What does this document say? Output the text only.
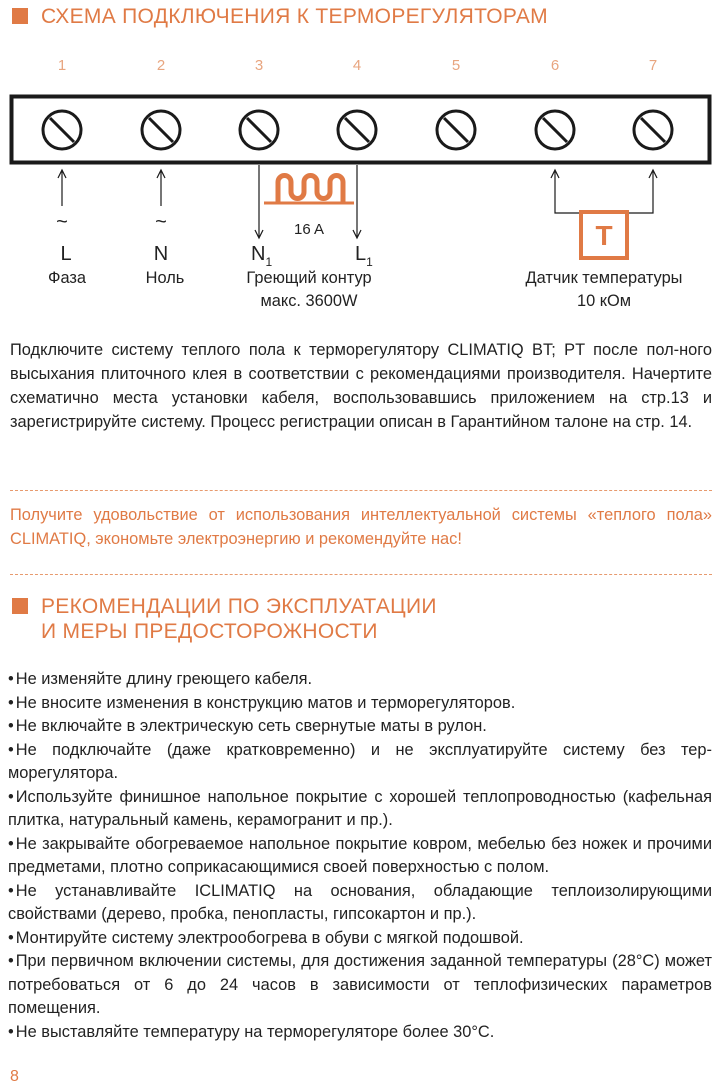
СХЕМА ПОДКЛЮЧЕНИЯ К ТЕРМОРЕГУЛЯТОРАМ
1	2	3	4	5	6	7
16 A	T
~	~
L	N
Фаза	Ноль
$N_1$	$L_1$
Греющий контур
макс. 3600W
Датчик температуры
10 кОм

Подключите систему теплого пола к терморегулятору CLIMATIQ BT; PT после пол-ного высыхания плиточного клея в соответствии с рекомендациями производителя. Начертите схематично места установки кабеля, воспользовавшись приложением на стр.13 и зарегистрируйте систему. Процесс регистрации описан в Гарантийном талоне на стр. 14.

Получите удовольствие от использования интеллектуальной системы «теплого пола» CLIMATIQ, экономьте электроэнергию и рекомендуйте нас!

РЕКОМЕНДАЦИИ ПО ЭКСПЛУАТАЦИИ
И МЕРЫ ПРЕДОСТОРОЖНОСТИ
• Не изменяйте длину греющего кабеля.
• Не вносите изменения в конструкцию матов и терморегуляторов.
• Не включайте в электрическую сеть свернутые маты в рулон.
• Не подключайте (даже кратковременно) и не эксплуатируйте систему без тер-морегулятора.
• Используйте финишное напольное покрытие с хорошей теплопроводностью (кафельная плитка, натуральный камень, керамогранит и пр.).
• Не закрывайте обогреваемое напольное покрытие ковром, мебелью без ножек и прочими предметами, плотно соприкасающимися своей поверхностью с полом.
• Не устанавливайте ICLIMATIQ на основания, обладающие теплоизолирующими свойствами (дерево, пробка, пенопласты, гипсокартон и пр.).
• Монтируйте систему электрообогрева в обуви с мягкой подошвой.
• При первичном включении системы, для достижения заданной температуры (28°C) может потребоваться от 6 до 24 часов в зависимости от теплофизических параметров помещения.
• Не выставляйте температуру на терморегуляторе более 30°C.
8
